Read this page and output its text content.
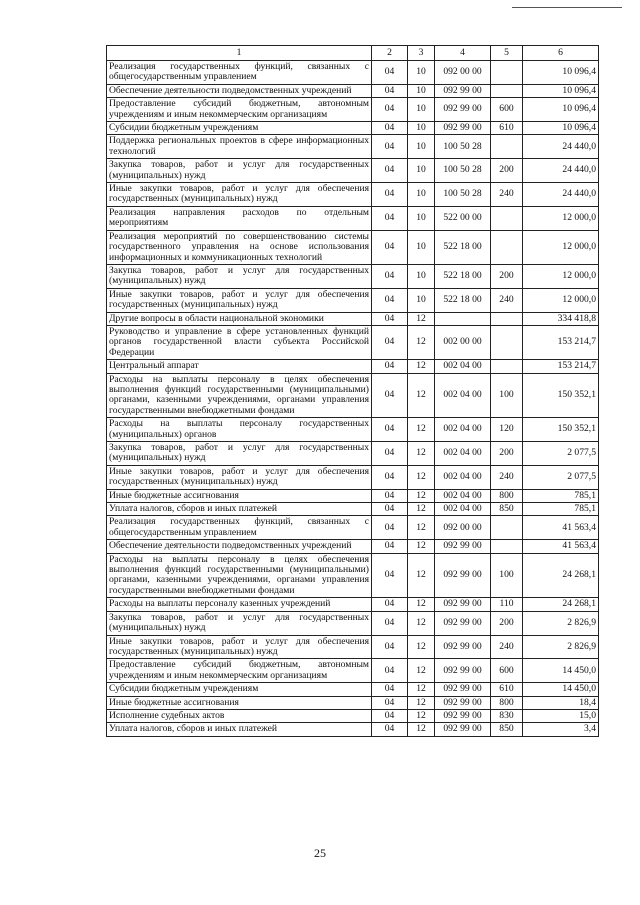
1	2	3	4	5	6
Реализация государственных функций, связанных с общегосударственным управлением	04	10	092 00 00		10 096,4
Обеспечение деятельности подведомственных учреждений	04	10	092 99 00		10 096,4
Предоставление субсидий бюджетным, автономным учреждениям и иным некоммерческим организациям	04	10	092 99 00	600	10 096,4
Субсидии бюджетным учреждениям	04	10	092 99 00	610	10 096,4
Поддержка региональных проектов в сфере информационных технологий	04	10	100 50 28		24 440,0
Закупка товаров, работ и услуг для государственных (муниципальных) нужд	04	10	100 50 28	200	24 440,0
Иные закупки товаров, работ и услуг для обеспечения государственных (муниципальных) нужд	04	10	100 50 28	240	24 440,0
Реализация направления расходов по отдельным мероприятиям	04	10	522 00 00		12 000,0
Реализация мероприятий по совершенствованию системы государственного управления на основе использования информационных и коммуникационных технологий	04	10	522 18 00		12 000,0
Закупка товаров, работ и услуг для государственных (муниципальных) нужд	04	10	522 18 00	200	12 000,0
Иные закупки товаров, работ и услуг для обеспечения государственных (муниципальных) нужд	04	10	522 18 00	240	12 000,0
Другие вопросы в области национальной экономики	04	12			334 418,8
Руководство и управление в сфере установленных функций органов государственной власти субъекта Российской Федерации	04	12	002 00 00		153 214,7
Центральный аппарат	04	12	002 04 00		153 214,7
Расходы на выплаты персоналу в целях обеспечения выполнения функций государственными (муниципальными) органами, казенными учреждениями, органами управления государственными внебюджетными фондами	04	12	002 04 00	100	150 352,1
Расходы на выплаты персоналу государственных (муниципальных) органов	04	12	002 04 00	120	150 352,1
Закупка товаров, работ и услуг для государственных (муниципальных) нужд	04	12	002 04 00	200	2 077,5
Иные закупки товаров, работ и услуг для обеспечения государственных (муниципальных) нужд	04	12	002 04 00	240	2 077,5
Иные бюджетные ассигнования	04	12	002 04 00	800	785,1
Уплата налогов, сборов и иных платежей	04	12	002 04 00	850	785,1
Реализация государственных функций, связанных с общегосударственным управлением	04	12	092 00 00		41 563,4
Обеспечение деятельности подведомственных учреждений	04	12	092 99 00		41 563,4
Расходы на выплаты персоналу в целях обеспечения выполнения функций государственными (муниципальными) органами, казенными учреждениями, органами управления государственными внебюджетными фондами	04	12	092 99 00	100	24 268,1
Расходы на выплаты персоналу казенных учреждений	04	12	092 99 00	110	24 268,1
Закупка товаров, работ и услуг для государственных (муниципальных) нужд	04	12	092 99 00	200	2 826,9
Иные закупки товаров, работ и услуг для обеспечения государственных (муниципальных) нужд	04	12	092 99 00	240	2 826,9
Предоставление субсидий бюджетным, автономным учреждениям и иным некоммерческим организациям	04	12	092 99 00	600	14 450,0
Субсидии бюджетным учреждениям	04	12	092 99 00	610	14 450,0
Иные бюджетные ассигнования	04	12	092 99 00	800	18,4
Исполнение судебных актов	04	12	092 99 00	830	15,0
Уплата налогов, сборов и иных платежей	04	12	092 99 00	850	3,4
25
